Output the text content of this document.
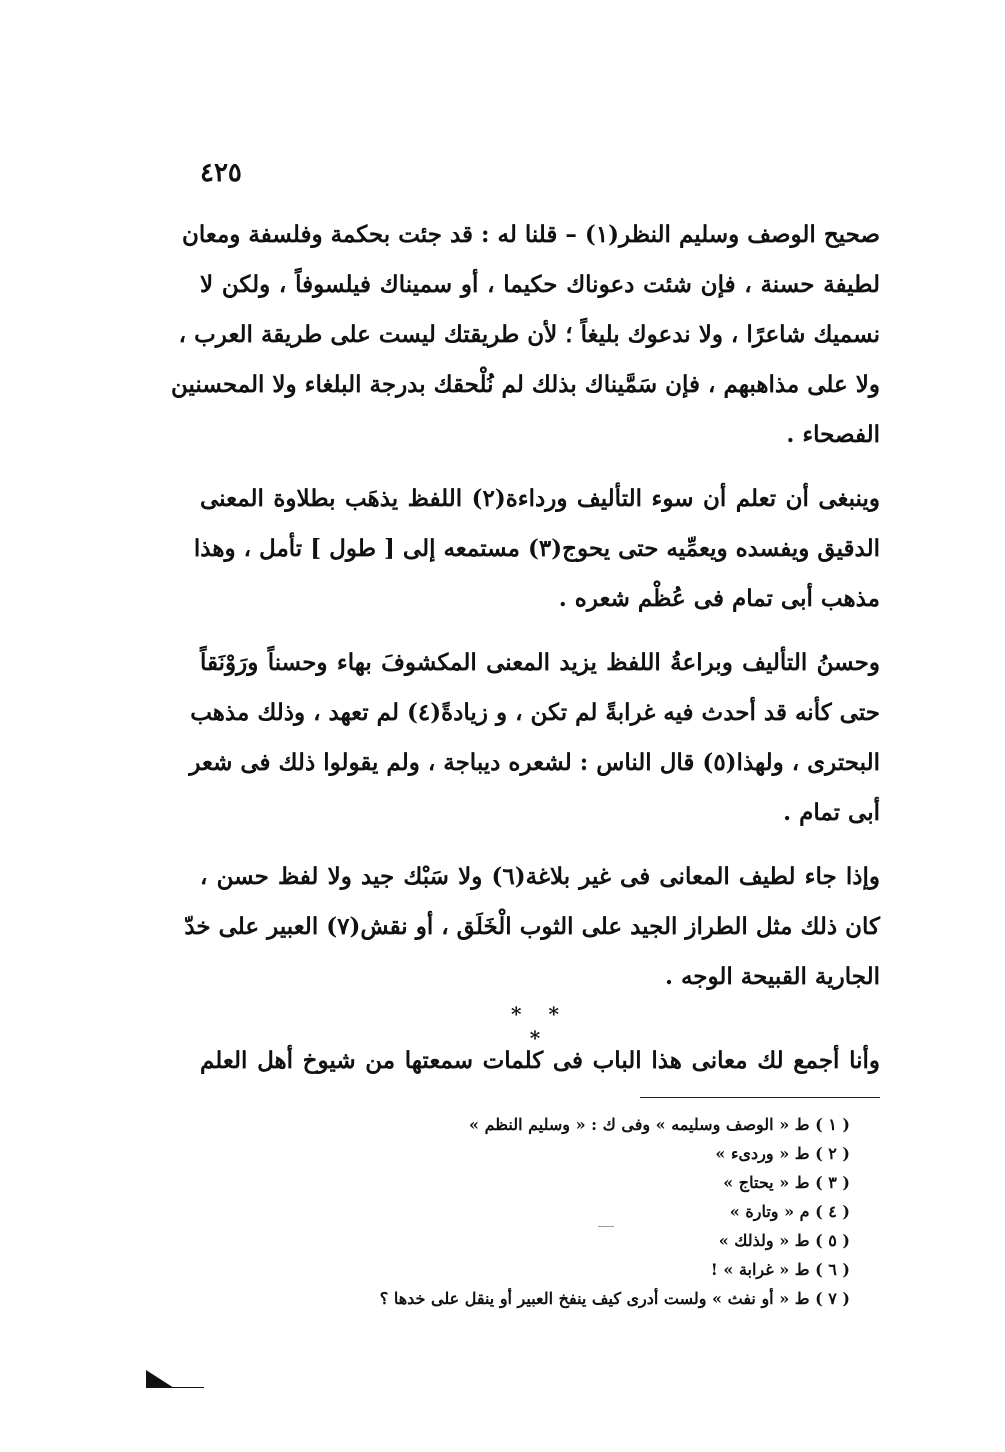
٤٢٥
صحيح الوصف وسليم النظر(١) – قلنا له : قد جئت بحكمة وفلسفة ومعان
لطيفة حسنة ، فإن شئت دعوناك حكيما ، أو سميناك فيلسوفاً ، ولكن لا
نسميك شاعرًا ، ولا ندعوك بليغاً ؛ لأن طريقتك ليست على طريقة العرب ،
ولا على مذاهبهم ، فإن سَمَّيناك بذلك لم نُلْحقك بدرجة البلغاء ولا المحسنين
الفصحاء .
وينبغى أن تعلم أن سوء التأليف ورداءة(٢) اللفظ يذهَب بطلاوة المعنى
الدقيق ويفسده ويعمِّيه حتى يحوج(٣) مستمعه إلى [ طول ] تأمل ، وهذا
مذهب أبى تمام فى عُظْم شعره .
وحسنُ التأليف وبراعةُ اللفظ يزيد المعنى المكشوفَ بهاء وحسناً ورَوْنَقاً
حتى كأنه قد أحدث فيه غرابةً لم تكن ، و زيادةً(٤) لم تعهد ، وذلك مذهب
البحترى ، ولهذا(٥) قال الناس : لشعره ديباجة ، ولم يقولوا ذلك فى شعر
أبى تمام .
وإذا جاء لطيف المعانى فى غير بلاغة(٦) ولا سَبْك جيد ولا لفظ حسن ،
كان ذلك مثل الطراز الجيد على الثوب الْخَلَق ، أو نقش(٧) العبير على خدّ
الجارية القبيحة الوجه .
* * *
وأنا أجمع لك معانى هذا الباب فى كلمات سمعتها من شيوخ أهل العلم
( ١ ) ط « الوصف وسليمه » وفى ك : « وسليم النظم »
( ٢ ) ط « وردىء »
( ٣ ) ط « يحتاج »
( ٤ ) م « وتارة »
( ٥ ) ط « ولذلك »
( ٦ ) ط « غرابة » !
( ٧ ) ط « أو نفث » ولست أدرى كيف ينفخ العبير أو ينقل على خدها ؟
